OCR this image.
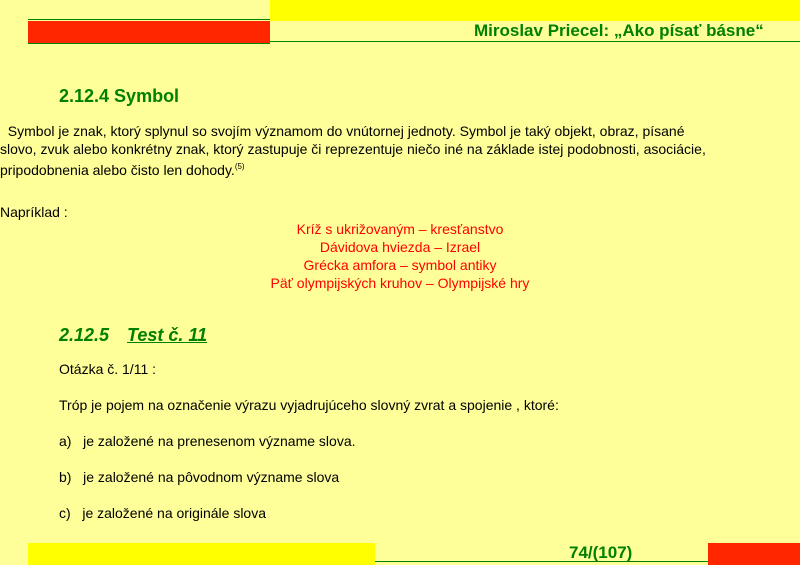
Miroslav Priecel: „Ako písať básne“
2.12.4 Symbol

Symbol je znak, ktorý splynul so svojím významom do vnútornej jednoty. Symbol je taký objekt, obraz, písané

slovo, zvuk alebo konkrétny znak, ktorý zastupuje či reprezentuje niečo iné na základe istej podobnosti, asociácie,

pripodobnenia alebo čisto len dohody.$^{(5)}$

Napríklad :
Kríž s ukrižovaným – kresťanstvo
Dávidova hviezda – Izrael
Grécka amfora – symbol antiky
Päť olympijských kruhov – Olympijské hry
2.12.5 Test č. 11
Otázka č. 1/11 :
Tróp je pojem na označenie výrazu vyjadrujúceho slovný zvrat a spojenie , ktoré:
a)   je založené na prenesenom význame slova.
b)   je založené na pôvodnom význame slova
c)   je založené na originále slova
74/(107)
